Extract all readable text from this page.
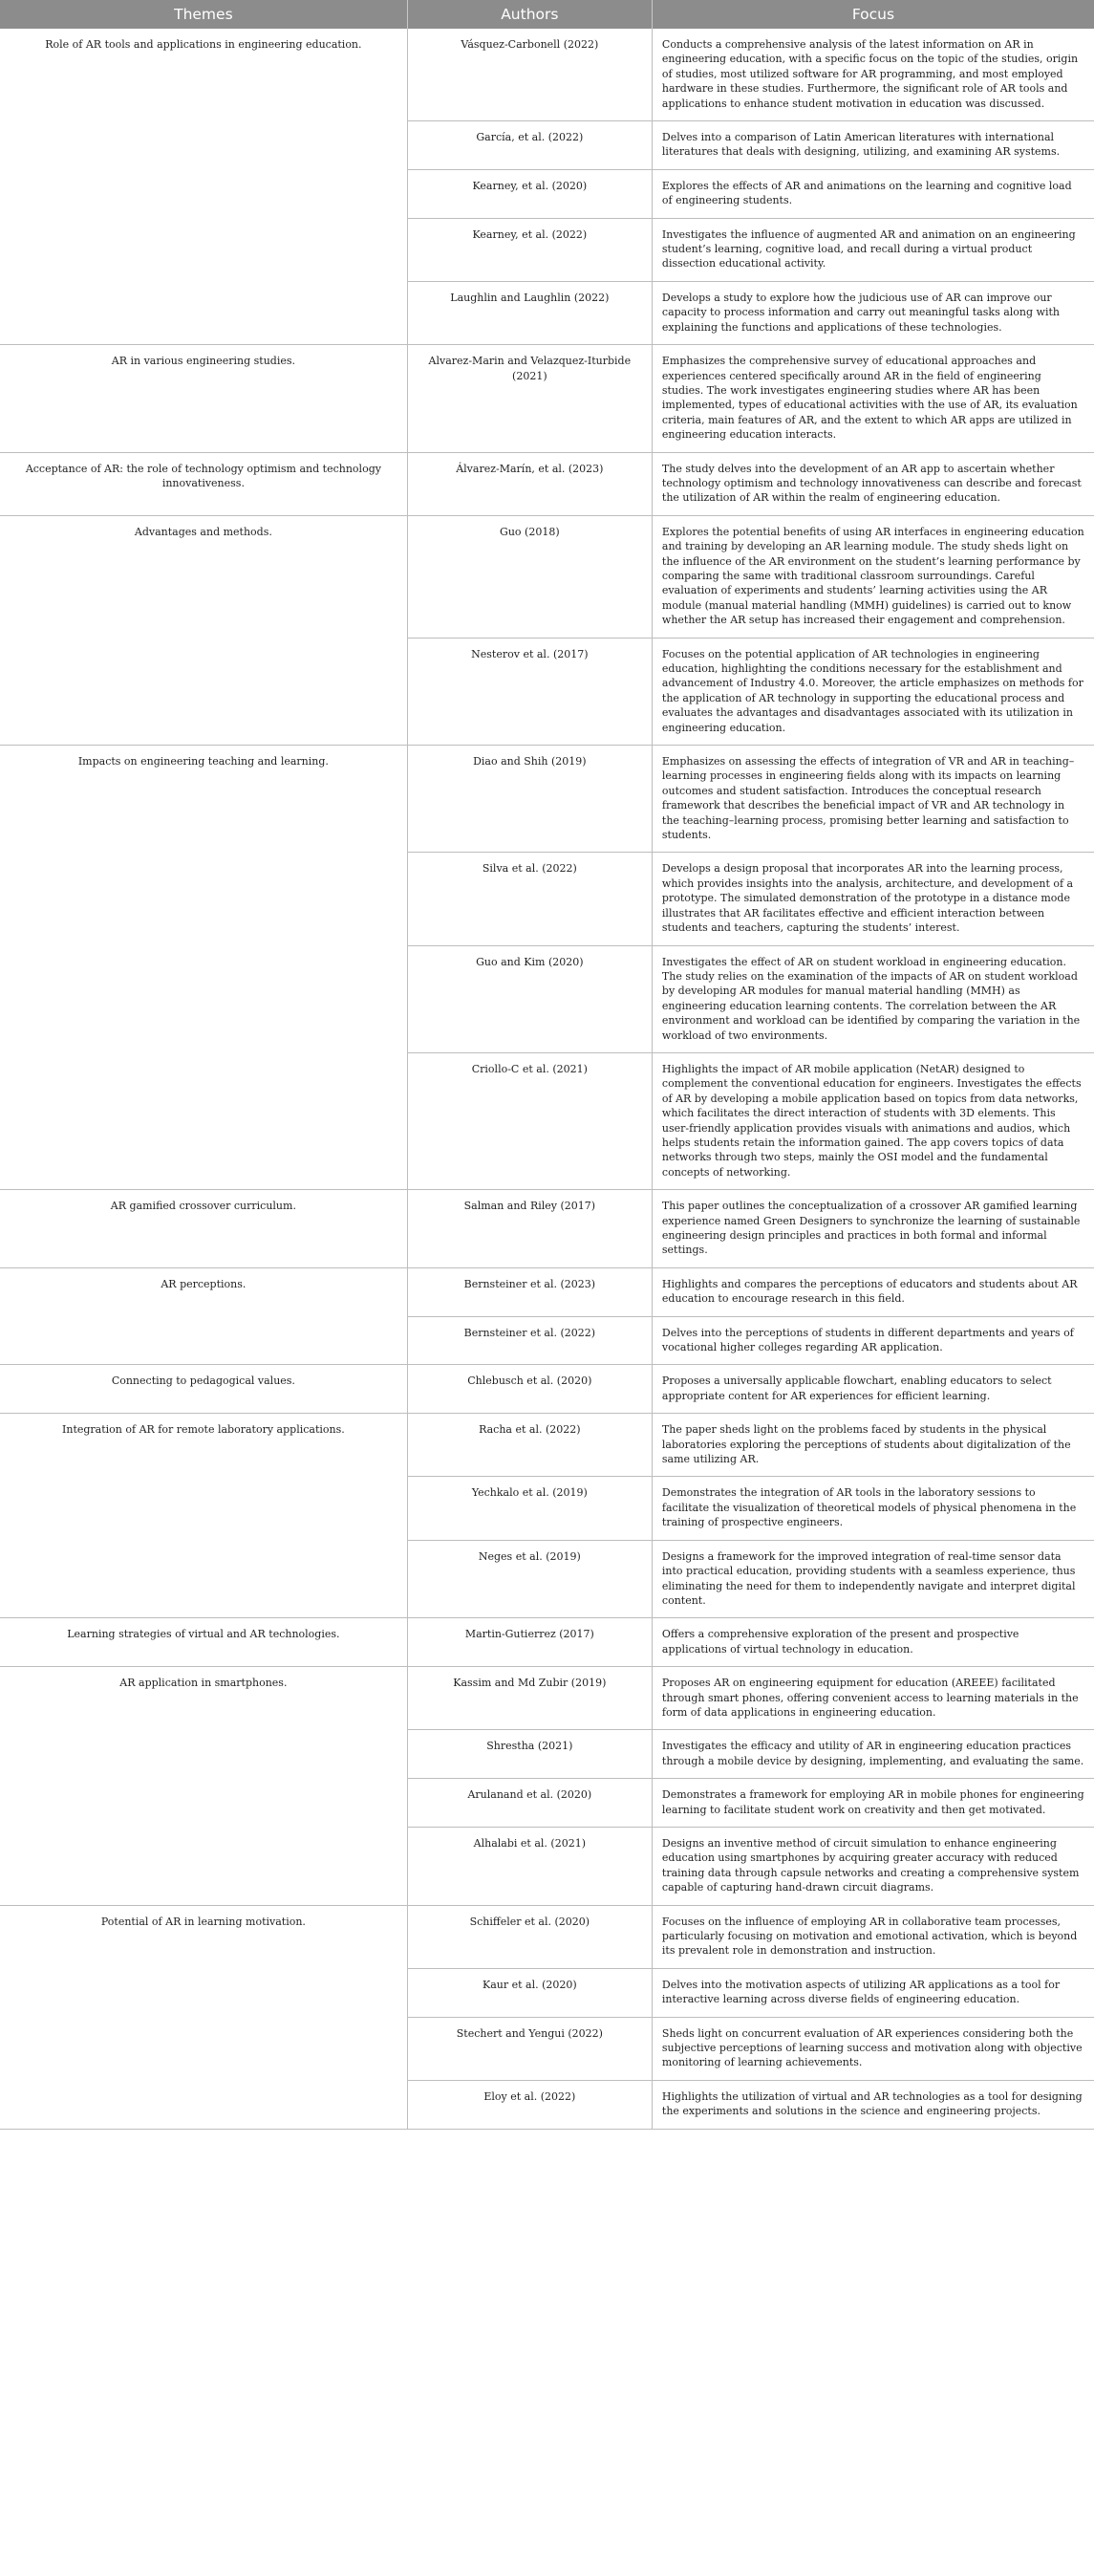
Themes	Authors	Focus
Role of AR tools and applications in engineering education.	Vásquez-Carbonell (2022)	Conducts a comprehensive analysis of the latest information on AR in engineering education, with a specific focus on the topic of the studies, origin of studies, most utilized software for AR programming, and most employed hardware in these studies. Furthermore, the significant role of AR tools and applications to enhance student motivation in education was discussed.
	García, et al. (2022)	Delves into a comparison of Latin American literatures with international literatures that deals with designing, utilizing, and examining AR systems.
	Kearney, et al. (2020)	Explores the effects of AR and animations on the learning and cognitive load of engineering students.
	Kearney, et al. (2022)	Investigates the influence of augmented AR and animation on an engineering student’s learning, cognitive load, and recall during a virtual product dissection educational activity.
	Laughlin and Laughlin (2022)	Develops a study to explore how the judicious use of AR can improve our capacity to process information and carry out meaningful tasks along with explaining the functions and applications of these technologies.
AR in various engineering studies.	Alvarez-Marin and Velazquez-Iturbide (2021)	Emphasizes the comprehensive survey of educational approaches and experiences centered specifically around AR in the field of engineering studies. The work investigates engineering studies where AR has been implemented, types of educational activities with the use of AR, its evaluation criteria, main features of AR, and the extent to which AR apps are utilized in engineering education interacts.
Acceptance of AR: the role of technology optimism and technology innovativeness.	Álvarez-Marín, et al. (2023)	The study delves into the development of an AR app to ascertain whether technology optimism and technology innovativeness can describe and forecast the utilization of AR within the realm of engineering education.
Advantages and methods.	Guo (2018)	Explores the potential benefits of using AR interfaces in engineering education and training by developing an AR learning module. The study sheds light on the influence of the AR environment on the student’s learning performance by comparing the same with traditional classroom surroundings. Careful evaluation of experiments and students’ learning activities using the AR module (manual material handling (MMH) guidelines) is carried out to know whether the AR setup has increased their engagement and comprehension.
	Nesterov et al. (2017)	Focuses on the potential application of AR technologies in engineering education, highlighting the conditions necessary for the establishment and advancement of Industry 4.0. Moreover, the article emphasizes on methods for the application of AR technology in supporting the educational process and evaluates the advantages and disadvantages associated with its utilization in engineering education.
Impacts on engineering teaching and learning.	Diao and Shih (2019)	Emphasizes on assessing the effects of integration of VR and AR in teaching–learning processes in engineering fields along with its impacts on learning outcomes and student satisfaction. Introduces the conceptual research framework that describes the beneficial impact of VR and AR technology in the teaching–learning process, promising better learning and satisfaction to students.
	Silva et al. (2022)	Develops a design proposal that incorporates AR into the learning process, which provides insights into the analysis, architecture, and development of a prototype. The simulated demonstration of the prototype in a distance mode illustrates that AR facilitates effective and efficient interaction between students and teachers, capturing the students’ interest.
	Guo and Kim (2020)	Investigates the effect of AR on student workload in engineering education. The study relies on the examination of the impacts of AR on student workload by developing AR modules for manual material handling (MMH) as engineering education learning contents. The correlation between the AR environment and workload can be identified by comparing the variation in the workload of two environments.
	Criollo-C et al. (2021)	Highlights the impact of AR mobile application (NetAR) designed to complement the conventional education for engineers. Investigates the effects of AR by developing a mobile application based on topics from data networks, which facilitates the direct interaction of students with 3D elements. This user-friendly application provides visuals with animations and audios, which helps students retain the information gained. The app covers topics of data networks through two steps, mainly the OSI model and the fundamental concepts of networking.
AR gamified crossover curriculum.	Salman and Riley (2017)	This paper outlines the conceptualization of a crossover AR gamified learning experience named Green Designers to synchronize the learning of sustainable engineering design principles and practices in both formal and informal settings.
AR perceptions.	Bernsteiner et al. (2023)	Highlights and compares the perceptions of educators and students about AR education to encourage research in this field.
	Bernsteiner et al. (2022)	Delves into the perceptions of students in different departments and years of vocational higher colleges regarding AR application.
Connecting to pedagogical values.	Chlebusch et al. (2020)	Proposes a universally applicable flowchart, enabling educators to select appropriate content for AR experiences for efficient learning.
Integration of AR for remote laboratory applications.	Racha et al. (2022)	The paper sheds light on the problems faced by students in the physical laboratories exploring the perceptions of students about digitalization of the same utilizing AR.
	Yechkalo et al. (2019)	Demonstrates the integration of AR tools in the laboratory sessions to facilitate the visualization of theoretical models of physical phenomena in the training of prospective engineers.
	Neges et al. (2019)	Designs a framework for the improved integration of real-time sensor data into practical education, providing students with a seamless experience, thus eliminating the need for them to independently navigate and interpret digital content.
Learning strategies of virtual and AR technologies.	Martin-Gutierrez (2017)	Offers a comprehensive exploration of the present and prospective applications of virtual technology in education.
AR application in smartphones.	Kassim and Md Zubir (2019)	Proposes AR on engineering equipment for education (AREEE) facilitated through smart phones, offering convenient access to learning materials in the form of data applications in engineering education.
	Shrestha (2021)	Investigates the efficacy and utility of AR in engineering education practices through a mobile device by designing, implementing, and evaluating the same.
	Arulanand et al. (2020)	Demonstrates a framework for employing AR in mobile phones for engineering learning to facilitate student work on creativity and then get motivated.
	Alhalabi et al. (2021)	Designs an inventive method of circuit simulation to enhance engineering education using smartphones by acquiring greater accuracy with reduced training data through capsule networks and creating a comprehensive system capable of capturing hand-drawn circuit diagrams.
Potential of AR in learning motivation.	Schiffeler et al. (2020)	Focuses on the influence of employing AR in collaborative team processes, particularly focusing on motivation and emotional activation, which is beyond its prevalent role in demonstration and instruction.
	Kaur et al. (2020)	Delves into the motivation aspects of utilizing AR applications as a tool for interactive learning across diverse fields of engineering education.
	Stechert and Yengui (2022)	Sheds light on concurrent evaluation of AR experiences considering both the subjective perceptions of learning success and motivation along with objective monitoring of learning achievements.
	Eloy et al. (2022)	Highlights the utilization of virtual and AR technologies as a tool for designing the experiments and solutions in the science and engineering projects.
